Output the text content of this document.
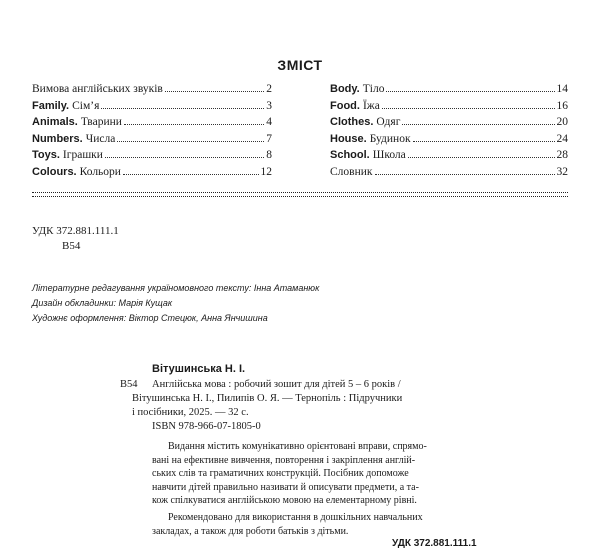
ЗМІСТ
Вимова англійських звуків	2
Family. Сім’я	3
Animals. Тварини	4
Numbers. Числа	7
Toys. Іграшки	8
Colours. Кольори	12
Body. Тіло	14
Food. Їжа	16
Clothes. Одяг	20
House. Будинок	24
School. Школа	28
Словник	32
УДК 372.881.111.1
В54
Літературне редагування україномовного тексту: Інна Атаманюк
Дизайн обкладинки: Марія Кущак
Художнє оформлення: Віктор Стецюк, Анна Янчишина
Вітушинська Н. І.
В54 Англійська мова : робочий зошит для дітей 5 – 6 років /
Вітушинська Н. І., Пилипів О. Я. — Тернопіль : Підручники
і посібники, 2025. — 32 с.
ISBN 978-966-07-1805-0
Видання містить комунікативно орієнтовані вправи, спрямо-
вані на ефективне вивчення, повторення і закріплення англій-
ських слів та граматичних конструкцій. Посібник допоможе
навчити дітей правильно називати й описувати предмети, а та-
кож спілкуватися англійською мовою на елементарному рівні.
Рекомендовано для використання в дошкільних навчальних
закладах, а також для роботи батьків з дітьми.
УДК 372.881.111.1
